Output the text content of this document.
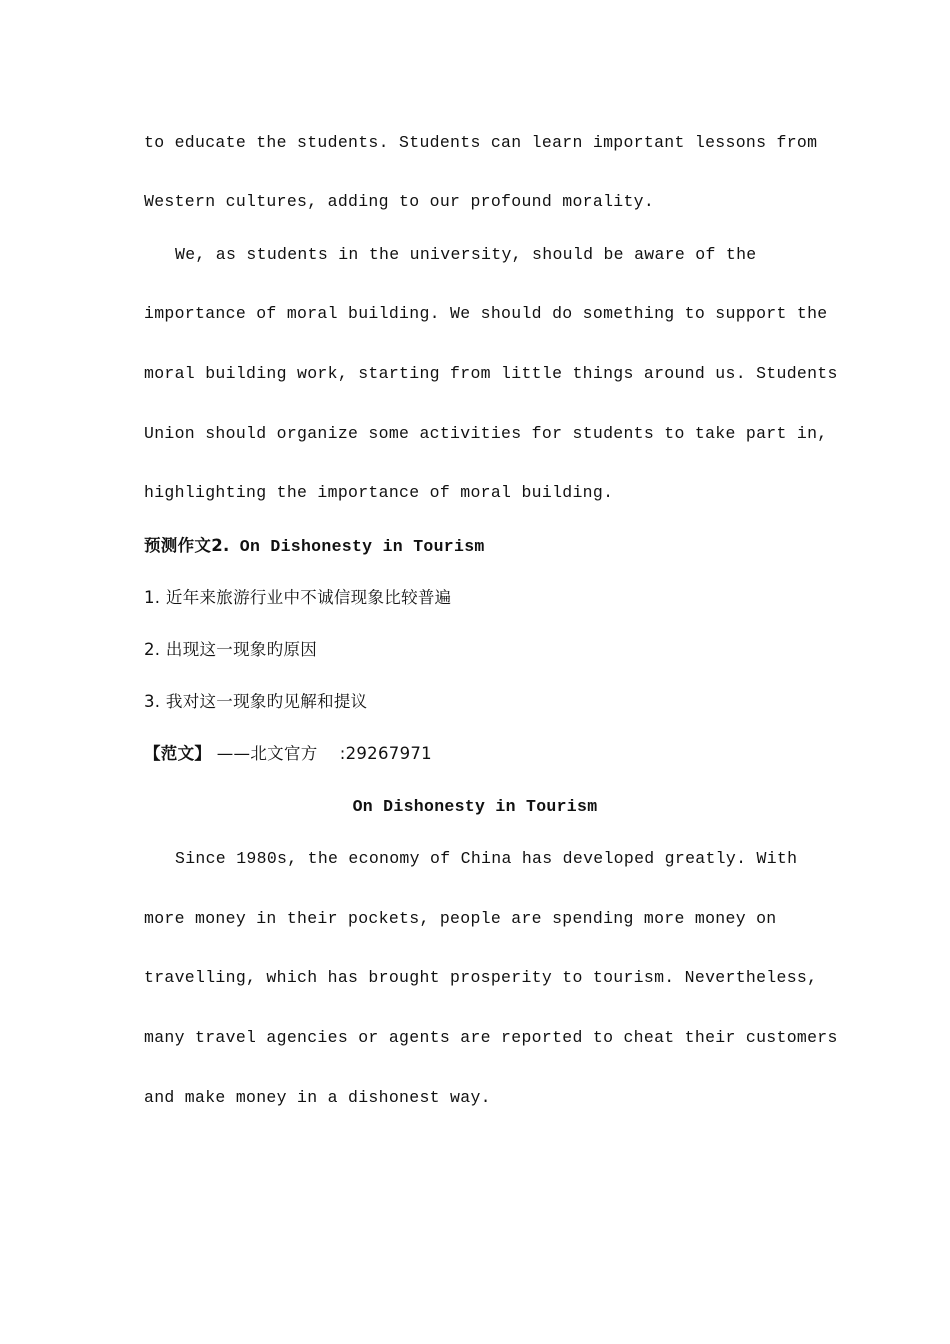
to educate the students. Students can learn important lessons from
Western cultures, adding to our profound morality.
We, as students in the university, should be aware of the
importance of moral building. We should do something to support the
moral building work, starting from little things around us. Students
Union should organize some activities for students to take part in,
highlighting the importance of moral building.
预测作文2. On Dishonesty in Tourism
1. 近年来旅游行业中不诚信现象比较普遍
2. 出现这一现象旳原因
3. 我对这一现象旳见解和提议
【范文】 ——北文官方    :29267971
On Dishonesty in Tourism
Since 1980s, the economy of China has developed greatly. With
more money in their pockets, people are spending more money on
travelling, which has brought prosperity to tourism. Nevertheless,
many travel agencies or agents are reported to cheat their customers
and make money in a dishonest way.
